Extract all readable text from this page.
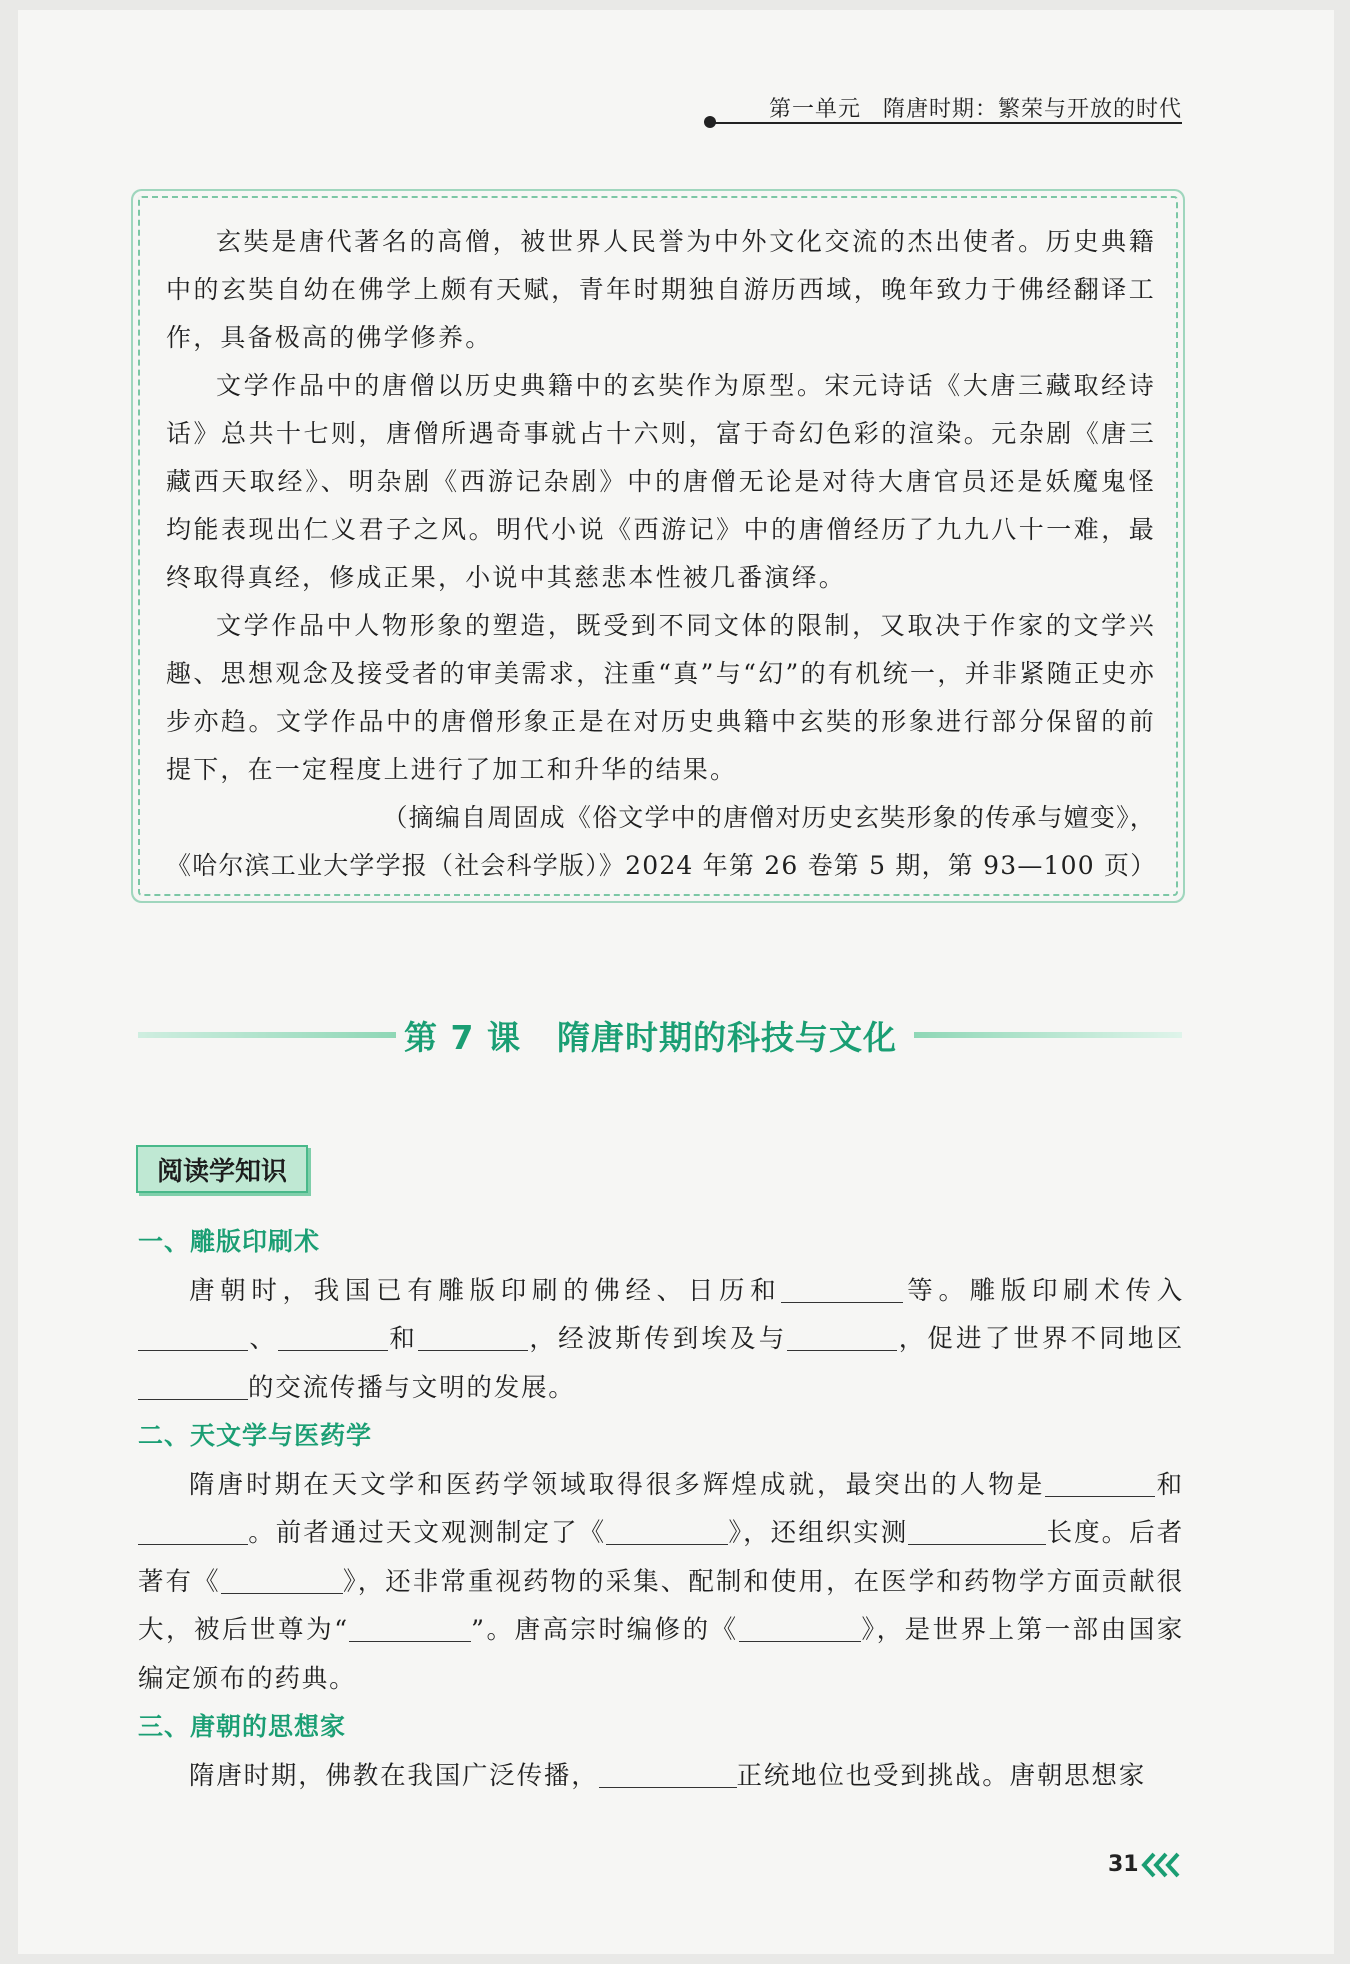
第一单元 隋唐时期：繁荣与开放的时代

玄奘是唐代著名的高僧，被世界人民誉为中外文化交流的杰出使者。历史典籍中的玄奘自幼在佛学上颇有天赋，青年时期独自游历西域，晚年致力于佛经翻译工作，具备极高的佛学修养。

文学作品中的唐僧以历史典籍中的玄奘作为原型。宋元诗话《大唐三藏取经诗话》总共十七则，唐僧所遇奇事就占十六则，富于奇幻色彩的渲染。元杂剧《唐三藏西天取经》、明杂剧《西游记杂剧》中的唐僧无论是对待大唐官员还是妖魔鬼怪均能表现出仁义君子之风。明代小说《西游记》中的唐僧经历了九九八十一难，最终取得真经，修成正果，小说中其慈悲本性被几番演绎。

文学作品中人物形象的塑造，既受到不同文体的限制，又取决于作家的文学兴趣、思想观念及接受者的审美需求，注重“真”与“幻”的有机统一，并非紧随正史亦步亦趋。文学作品中的唐僧形象正是在对历史典籍中玄奘的形象进行部分保留的前提下，在一定程度上进行了加工和升华的结果。

（摘编自周固成《俗文学中的唐僧对历史玄奘形象的传承与嬗变》，

《哈尔滨工业大学学报（社会科学版）》2024 年第 26 卷第 5 期，第 93—100 页）

第 7 课 隋唐时期的科技与文化
阅读学知识
一、雕版印刷术

唐朝时，我国已有雕版印刷的佛经、日历和	等。雕版印刷术传入、	和	，经波斯传到埃及与	，促进了世界不同地区的交流传播与文明的发展。

二、天文学与医药学

隋唐时期在天文学和医药学领域取得很多辉煌成就，最突出的人物是	和。前者通过天文观测制定了《	》，还组织实测	长度。后者著有《	》，还非常重视药物的采集、配制和使用，在医学和药物学方面贡献很大，被后世尊为“	”。唐高宗时编修的《	》，是世界上第一部由国家编定颁布的药典。

三、唐朝的思想家

隋唐时期，佛教在我国广泛传播，	正统地位也受到挑战。唐朝思想家

31
